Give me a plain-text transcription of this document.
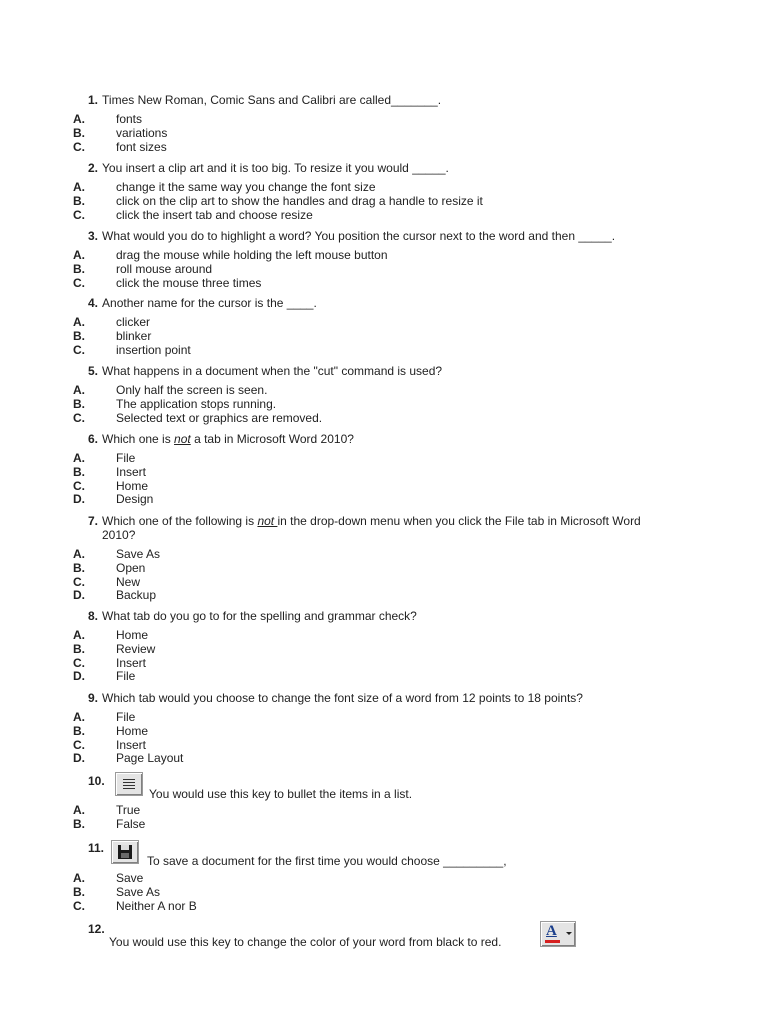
1. Times New Roman, Comic Sans and Calibri are called_______.
A.	fonts
B.	variations
C.	font sizes
2. You insert a clip art and it is too big. To resize it you would _____.
A.	change it the same way you change the font size
B.	click on the clip art to show the handles and drag a handle to resize it
C.	click the insert tab and choose resize
3. What would you do to highlight a word? You position the cursor next to the word and then _____.
A.	drag the mouse while holding the left mouse button
B.	roll mouse around
C.	click the mouse three times
4. Another name for the cursor is the ____.
A.	clicker
B.	blinker
C.	insertion point
5. What happens in a document when the "cut" command is used?
A.	Only half the screen is seen.
B.	The application stops running.
C.	Selected text or graphics are removed.
6. Which one is not a tab in Microsoft Word 2010?
A.	File
B.	Insert
C.	Home
D.	Design
7. Which one of the following is not in the drop-down menu when you click the File tab in Microsoft Word
2010?
A.	Save As
B.	Open
C.	New
D.	Backup
8. What tab do you go to for the spelling and grammar check?
A.	Home
B.	Review
C.	Insert
D.	File
9. Which tab would you choose to change the font size of a word from 12 points to 18 points?
A.	File
B.	Home
C.	Insert
D.	Page Layout
10.
You would use this key to bullet the items in a list.
A.	True
B.	False
11.
To save a document for the first time you would choose _________,
A.	Save
B.	Save As
C.	Neither A nor B
12.
You would use this key to change the color of your word from black to red.
A
